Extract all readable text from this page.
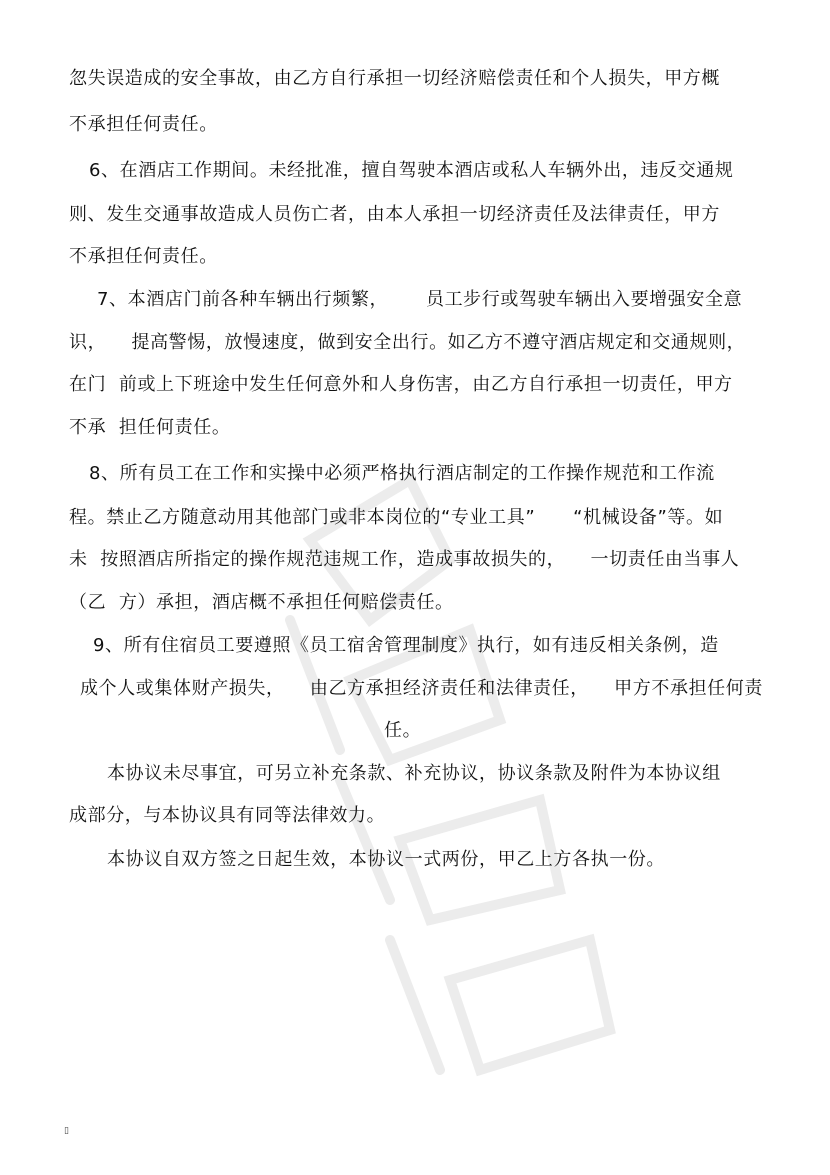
忽失误造成的安全事故，由乙方自行承担一切经济赔偿责任和个人损失，甲方概
不承担任何责任。
6、在酒店工作期间。未经批准，擅自驾驶本酒店或私人车辆外出，违反交通规
则、发生交通事故造成人员伤亡者，由本人承担一切经济责任及法律责任，甲方
不承担任何责任。
7、本酒店门前各种车辆出行频繁，      员工步行或驾驶车辆出入要增强安全意
识，    提高警惕，放慢速度，做到安全出行。如乙方不遵守酒店规定和交通规则，
在门  前或上下班途中发生任何意外和人身伤害，由乙方自行承担一切责任，甲方
不承  担任何责任。
8、所有员工在工作和实操中必须严格执行酒店制定的工作操作规范和工作流
程。禁止乙方随意动用其他部门或非本岗位的“专业工具”      “机械设备”等。如
未  按照酒店所指定的操作规范违规工作，造成事故损失的，    一切责任由当事人
（乙  方）承担，酒店概不承担任何赔偿责任。
9、所有住宿员工要遵照《员工宿舍管理制度》执行，如有违反相关条例，造
成个人或集体财产损失，    由乙方承担经济责任和法律责任，    甲方不承担任何责
任。
本协议未尽事宜，可另立补充条款、补充协议，协议条款及附件为本协议组
成部分，与本协议具有同等法律效力。
本协议自双方签之日起生效，本协议一式两份，甲乙上方各执一份。
▯
